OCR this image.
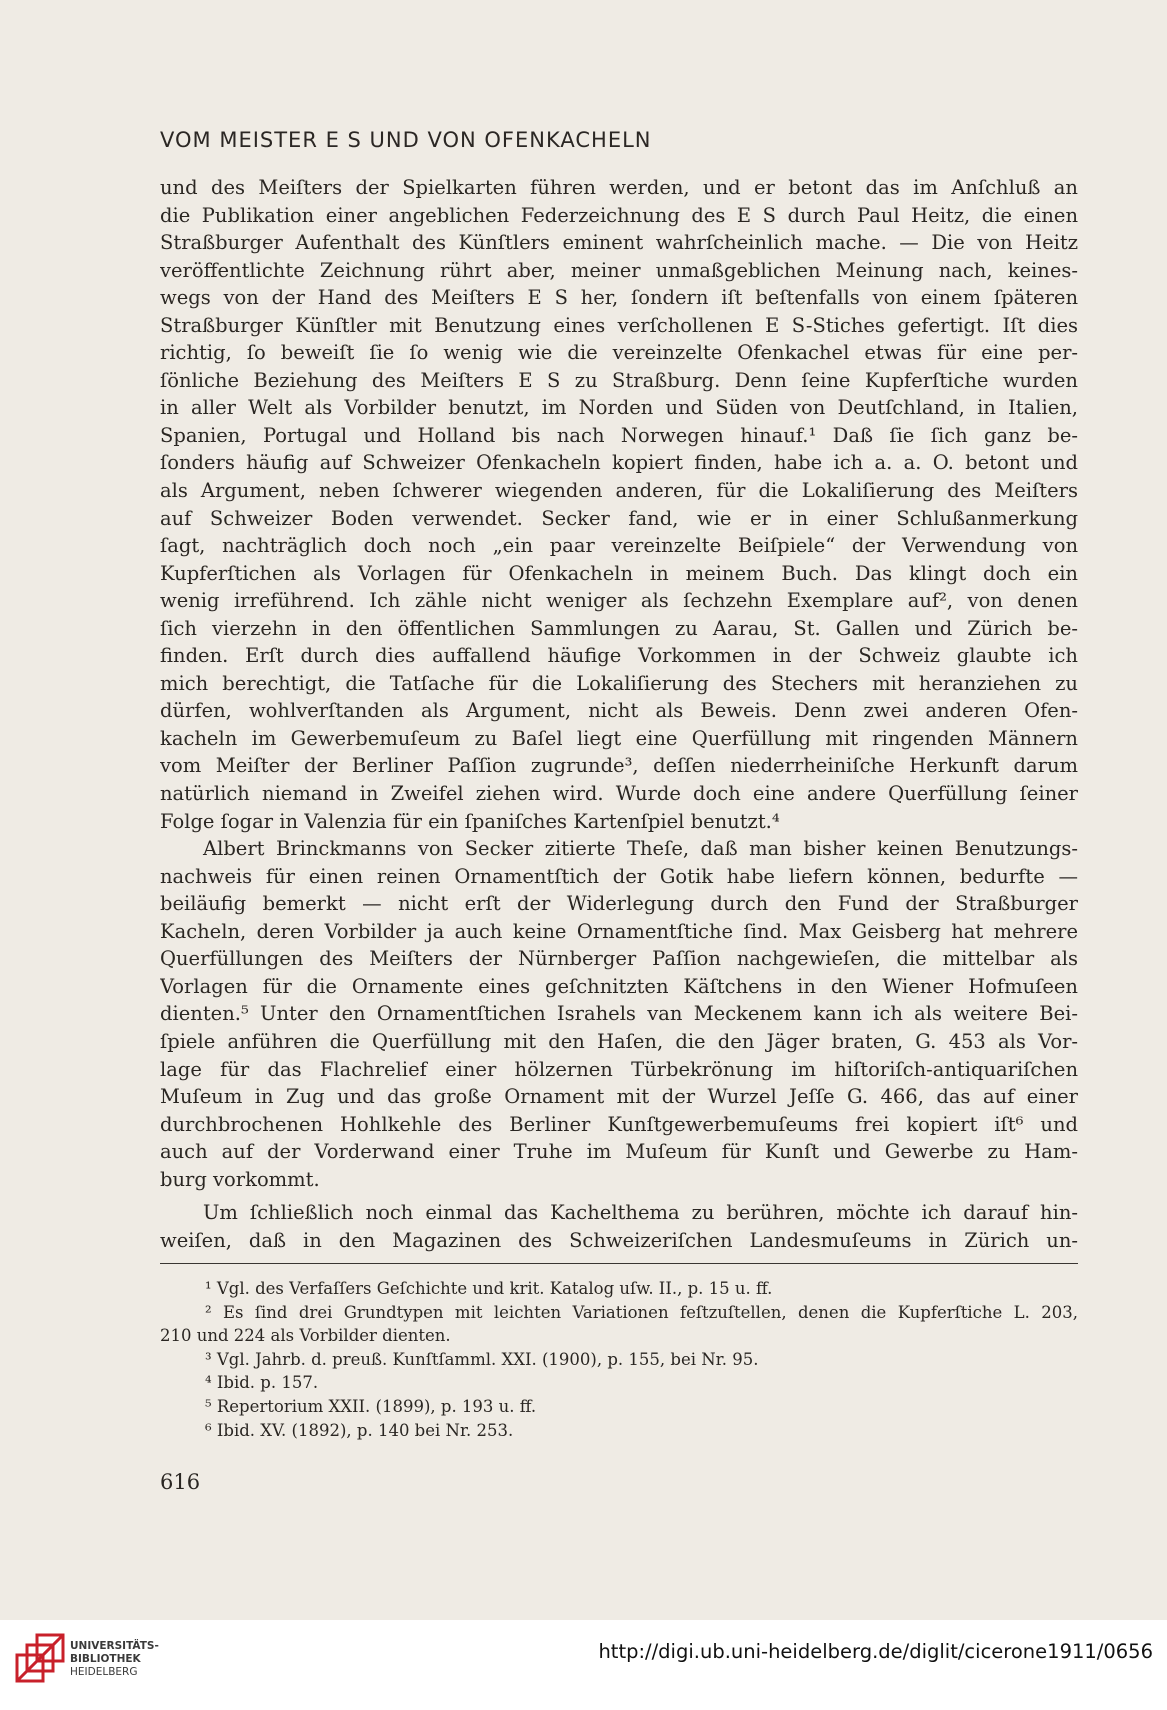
VOM MEISTER E S UND VON OFENKACHELN
und des Meiſters der Spielkarten führen werden, und er betont das im Anſchluß an
die Publikation einer angeblichen Federzeichnung des E S durch Paul Heitz, die einen
Straßburger Aufenthalt des Künſtlers eminent wahrſcheinlich mache. — Die von Heitz
veröffentlichte Zeichnung rührt aber, meiner unmaßgeblichen Meinung nach, keines-
wegs von der Hand des Meiſters E S her, ſondern iſt beſtenfalls von einem ſpäteren
Straßburger Künſtler mit Benutzung eines verſchollenen E S-Stiches gefertigt. Iſt dies
richtig, ſo beweiſt ſie ſo wenig wie die vereinzelte Ofenkachel etwas für eine per-
ſönliche Beziehung des Meiſters E S zu Straßburg. Denn ſeine Kupferſtiche wurden
in aller Welt als Vorbilder benutzt, im Norden und Süden von Deutſchland, in Italien,
Spanien, Portugal und Holland bis nach Norwegen hinauf.¹ Daß ſie ſich ganz be-
ſonders häufig auf Schweizer Ofenkacheln kopiert finden, habe ich a. a. O. betont und
als Argument, neben ſchwerer wiegenden anderen, für die Lokaliſierung des Meiſters
auf Schweizer Boden verwendet. Secker fand, wie er in einer Schlußanmerkung
ſagt, nachträglich doch noch „ein paar vereinzelte Beiſpiele“ der Verwendung von
Kupferſtichen als Vorlagen für Ofenkacheln in meinem Buch. Das klingt doch ein
wenig irreführend. Ich zähle nicht weniger als ſechzehn Exemplare auf², von denen
ſich vierzehn in den öffentlichen Sammlungen zu Aarau, St. Gallen und Zürich be-
finden. Erſt durch dies auffallend häufige Vorkommen in der Schweiz glaubte ich
mich berechtigt, die Tatſache für die Lokaliſierung des Stechers mit heranziehen zu
dürfen, wohlverſtanden als Argument, nicht als Beweis. Denn zwei anderen Ofen-
kacheln im Gewerbemuſeum zu Baſel liegt eine Querfüllung mit ringenden Männern
vom Meiſter der Berliner Paſſion zugrunde³, deſſen niederrheiniſche Herkunft darum
natürlich niemand in Zweifel ziehen wird. Wurde doch eine andere Querfüllung ſeiner
Folge ſogar in Valenzia für ein ſpaniſches Kartenſpiel benutzt.⁴
Albert Brinckmanns von Secker zitierte Theſe, daß man bisher keinen Benutzungs-
nachweis für einen reinen Ornamentſtich der Gotik habe liefern können, bedurfte —
beiläufig bemerkt — nicht erſt der Widerlegung durch den Fund der Straßburger
Kacheln, deren Vorbilder ja auch keine Ornamentſtiche ſind. Max Geisberg hat mehrere
Querfüllungen des Meiſters der Nürnberger Paſſion nachgewieſen, die mittelbar als
Vorlagen für die Ornamente eines geſchnitzten Käſtchens in den Wiener Hofmuſeen
dienten.⁵ Unter den Ornamentſtichen Israhels van Meckenem kann ich als weitere Bei-
ſpiele anführen die Querfüllung mit den Haſen, die den Jäger braten, G. 453 als Vor-
lage für das Flachrelief einer hölzernen Türbekrönung im hiſtoriſch-antiquariſchen
Muſeum in Zug und das große Ornament mit der Wurzel Jeſſe G. 466, das auf einer
durchbrochenen Hohlkehle des Berliner Kunſtgewerbemuſeums frei kopiert iſt⁶ und
auch auf der Vorderwand einer Truhe im Muſeum für Kunſt und Gewerbe zu Ham-
burg vorkommt.
Um ſchließlich noch einmal das Kachelthema zu berühren, möchte ich darauf hin-
weiſen, daß in den Magazinen des Schweizeriſchen Landesmuſeums in Zürich un-
¹ Vgl. des Verfaſſers Geſchichte und krit. Katalog uſw. II., p. 15 u. ff.
² Es ſind drei Grundtypen mit leichten Variationen feſtzuſtellen, denen die Kupferſtiche L. 203,
210 und 224 als Vorbilder dienten.
³ Vgl. Jahrb. d. preuß. Kunſtſamml. XXI. (1900), p. 155, bei Nr. 95.
⁴ Ibid. p. 157.
⁵ Repertorium XXII. (1899), p. 193 u. ff.
⁶ Ibid. XV. (1892), p. 140 bei Nr. 253.
616
UNIVERSITÄTS-
BIBLIOTHEK
HEIDELBERG
http://digi.ub.uni-heidelberg.de/diglit/cicerone1911/0656
